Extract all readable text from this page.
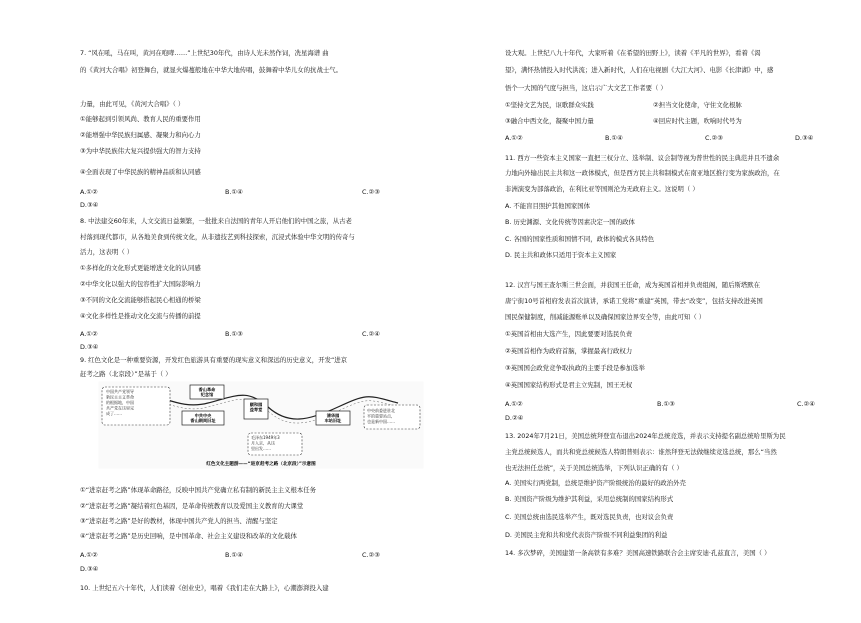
7. “风在吼，马在叫，黄河在咆哮……”上世纪30年代，由诗人光未然作词，冼星海谱 曲
的《黄河大合唱》初登舞台，就显火爆蔓般地在中华大地传唱，鼓舞着中华儿女的抗战士气。
力量，由此可见，《黄河大合唱》（ ）
①能够起到引领风尚、教育人民的重要作用
②能增强中华民族归属感、凝聚力和向心力
③为中华民族伟大复兴提供强大的智力支持
④全面表现了中华民族的精神品质和认同感
A.①②	B.①④	C.②③
D.③④
8. 中法建交60年来，人文交流日益频繁，一批批来自法国的青年人开启他们的中国之旅，从古老
村落到现代都市，从各地美食到传统文化，从非遗技艺到科技探索，沉浸式体验中华文明的传奇与
活力，这表明（ ）
①多样化的文化形式更能增进文化的认同感
②中华文化以强大的包容性扩大国际影响力
③不同的文化交流能够搭起民心相通的桥梁
④文化多样性是推动文化交流与传播的前提
A.①②	B.①③	C.②④
D.③④
9. 红色文化是一种重要资源，开发红色旅游具有重要的现实意义和深远的历史意义，开发“进京
赶考之路（北京段）”是基于（ ）
中国共产党领导新民主主义革命的根据地，中国共产党在这里完成了……
中央前委进驻北平的重要站点，也是新中国……
毛泽东1949年3 月入京，从这里出发……
香山革命纪念馆
中共中央香山期间旧址
颐和园益寿堂
清华园车站旧址
红色文化主题游——“进京赶考之路（北京段）”示意图
①“进京赶考之路”体现革命路径，反映中国共产党确立私有制的新民主主义根本任务
②“进京赶考之路”凝结着红色基因，是革命传统教育以及爱国主义教育的大课堂
③“进京赶考之路”是好的教材，体现中国共产党人的担当、清醒与坚定
④“进京赶考之路”是历史回响，是中国革命、社会主义建设和改革的文化载体
A.①②	B.①④	C.②③
D.③④
10. 上世纪五六十年代，人们读着《创业史》，唱着《我们走在大路上》，心潮澎湃投入建
设大观。上世纪八九十年代，大家听着《在希望的田野上》，读着《平凡的世界》，看着《渴
望》，满怀热情投入时代洪流；进入新时代，人们在电视剧《大江大河》、电影《长津湖》中，感
悟个一大国的气度与担当，这启示广大文艺工作者要（ ）
①坚持文艺为民，讴歌群众实践	②担当文化使命，守住文化根脉
③融合中西文化，凝聚中国力量	④回应时代主题，吹响时代号为
A.①②	B.①④	C.②③	D.③④
11. 西方一些资本主义国家一直把三权分立、选举制、议会制等视为普世性的民主典范并且不遗余
力地向外输出民主共和这一政体模式，但是西方民主共和制模式在南亚地区推行变为家族政治，在
非洲演变为部落政治，在利比亚等国则沦为无政府主义。这说明（ ）
A. 不能盲目照护其他国家国体
B. 历史渊源、文化传统等因素决定一国的政体
C. 各国的国家性质和国情不同，政体的模式各具特色
D. 民主共和政体只适用于资本主义国家
12. 汉宫与国王查尔斯三世会面，并获国王任命，成为英国首相并负责组阁，随后斯塔默在
唐宁街10号首相府发表首次演讲，承诺工党将“重建”英国，带去“改变”，包括支持改进英国
国民保健制度，削减能源账单以及确保国家边界安全等，由此可知（ ）
①英国首相由大选产生，因此要要对选民负责
②英国首相作为政府首脑，掌握最高行政权力
③英国国会政党竞争取执政的主要手段是参加选举
④英国国家结构形式是君主立宪制，国王无权
A.①②	B.①③	C.②④
D.②④
13. 2024年7月21日，美国总统拜登宣布退出2024年总统竞选，并表示支持提名副总统哈里斯为民
主党总统候选人，而共和党总统候选人特朗普则表示：谁然拜登无法做继续竞选总统，那么“当然
也无法担任总统”，关于美国总统选举，下列认识正确的有（ ）
A. 美国实行两党制，总统是维护资产阶级统治的最好的政治外壳
B. 美国资产阶级为维护其利益，采用总统制的国家结构形式
C. 美国总统由选民选举产生，既对选民负责，也对议会负责
D. 美国民主党和共和党代表资产阶级不同利益集团的利益
14. 多次梦碎，美国建第一条高铁有多难？美国高速铁路联合会主席安迪·孔兹直言，美国（ ）
